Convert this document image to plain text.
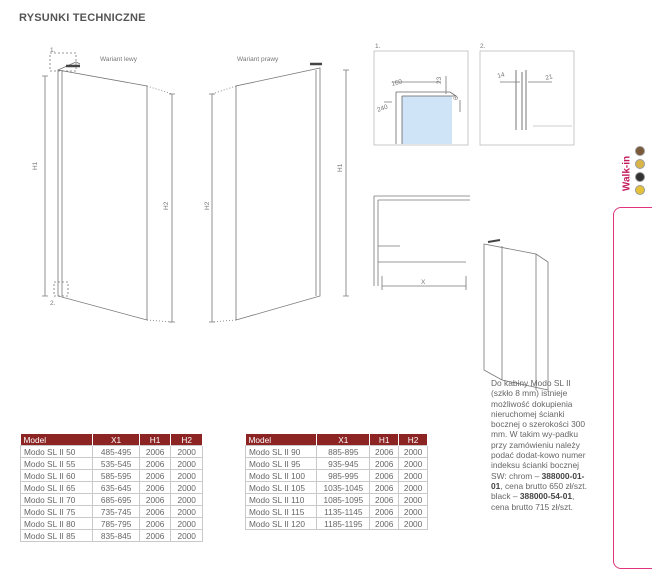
RYSUNKI TECHNICZNE
Wariant lewy	Wariant prawy
1.
2.
H1
H2	H2
H1
1.	2.
160	23
240
6
14	21
X
Walk-in
Do kabiny Modo SL II (szkło 8 mm) istnieje możliwość dokupienia nieruchomej ścianki bocznej o szerokości 300 mm. W takim wy-padku przy zamówieniu należy podać dodat-kowo numer indeksu ścianki bocznej SW: chrom – 388000-01-01, cena brutto 650 zł/szt. black – 388000-54-01, cena brutto 715 zł/szt.
Model	X1	H1	H2
Modo SL II 50	485-495	2006	2000
Modo SL II 55	535-545	2006	2000
Modo SL II 60	585-595	2006	2000
Modo SL II 65	635-645	2006	2000
Modo SL II 70	685-695	2006	2000
Modo SL II 75	735-745	2006	2000
Modo SL II 80	785-795	2006	2000
Modo SL II 85	835-845	2006	2000
Model	X1	H1	H2
Modo SL II 90	885-895	2006	2000
Modo SL II 95	935-945	2006	2000
Modo SL II 100	985-995	2006	2000
Modo SL II 105	1035-1045	2006	2000
Modo SL II 110	1085-1095	2006	2000
Modo SL II 115	1135-1145	2006	2000
Modo SL II 120	1185-1195	2006	2000
